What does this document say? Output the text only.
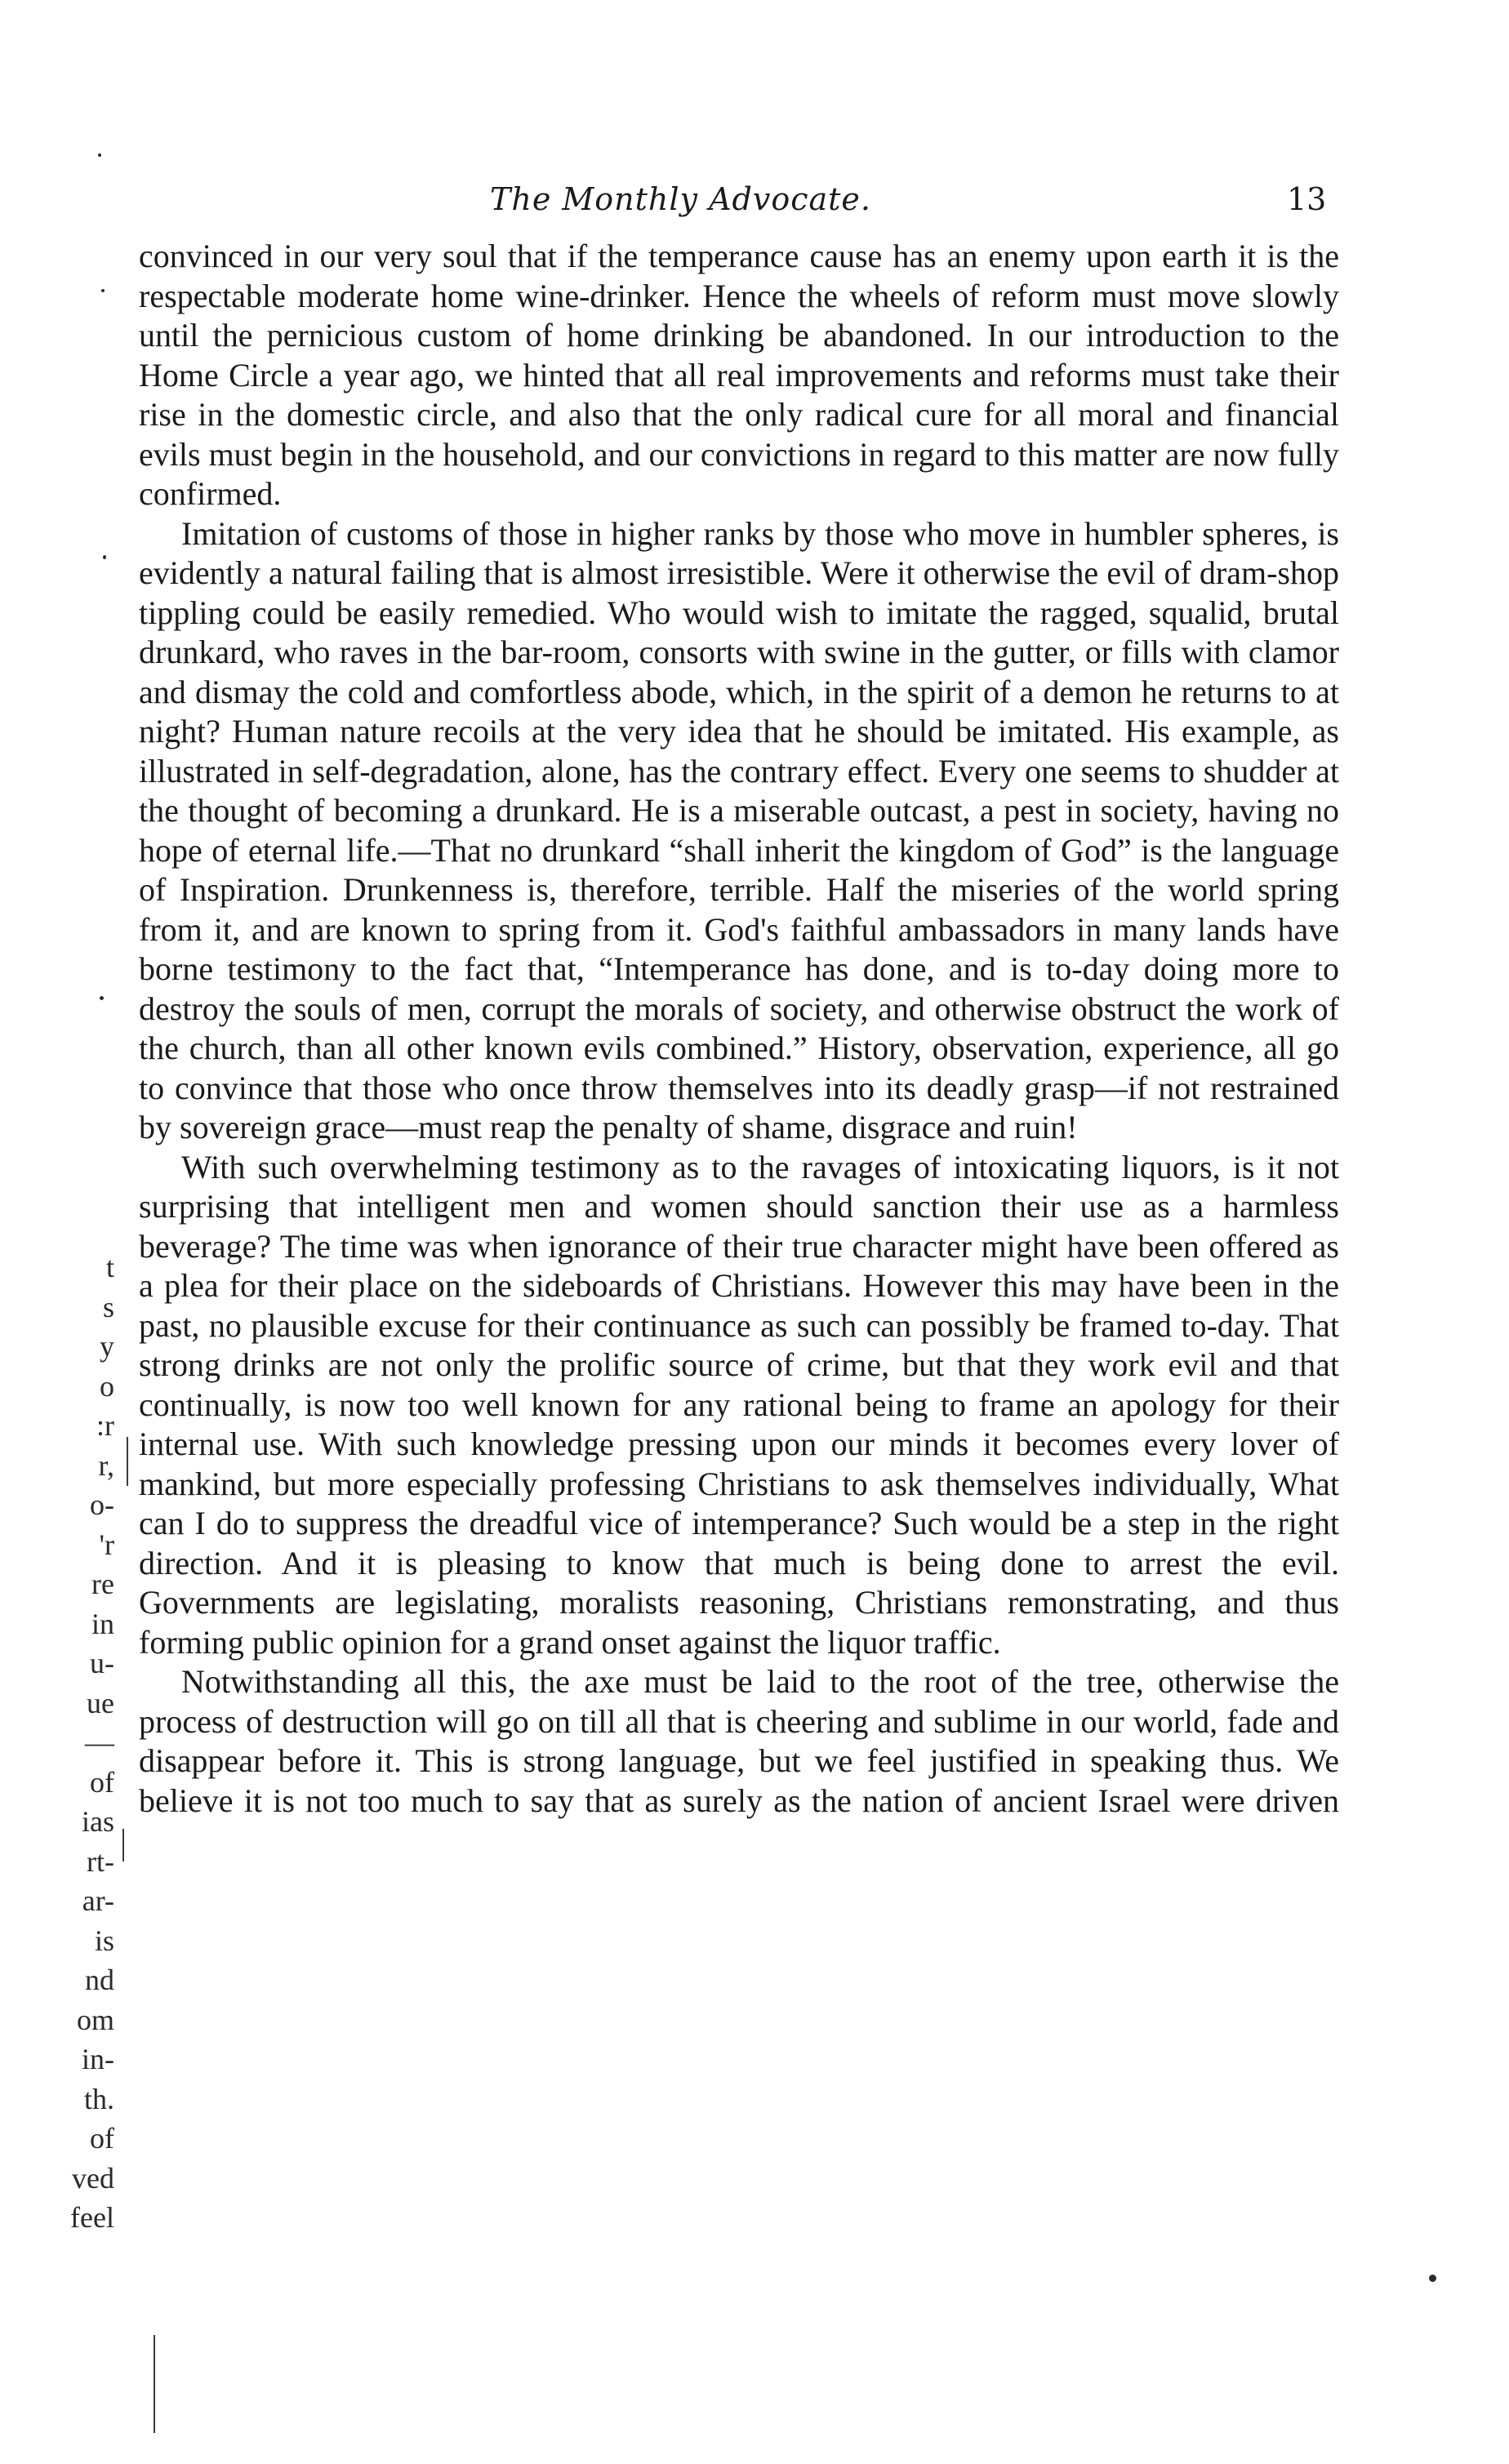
The Monthly Advocate.	13

convinced in our very soul that if the temperance cause has an enemy upon earth it is the respectable moderate home wine-drinker. Hence the wheels of reform must move slowly until the pernicious custom of home drinking be abandoned. In our introduction to the Home Circle a year ago, we hinted that all real improvements and reforms must take their rise in the domestic circle, and also that the only radical cure for all moral and financial evils must begin in the household, and our convictions in regard to this matter are now fully confirmed.

Imitation of customs of those in higher ranks by those who move in humbler spheres, is evidently a natural failing that is almost irresistible. Were it otherwise the evil of dram-shop tippling could be easily remedied. Who would wish to imitate the ragged, squalid, brutal drunkard, who raves in the bar-room, consorts with swine in the gutter, or fills with clamor and dismay the cold and comfortless abode, which, in the spirit of a demon he returns to at night? Human nature recoils at the very idea that he should be imitated. His example, as illustrated in self-degradation, alone, has the contrary effect. Every one seems to shudder at the thought of becoming a drunkard. He is a miserable outcast, a pest in society, having no hope of eternal life.—That no drunkard “shall inherit the kingdom of God” is the language of Inspiration. Drunkenness is, therefore, terrible. Half the miseries of the world spring from it, and are known to spring from it. God's faithful ambassadors in many lands have borne testimony to the fact that, “Intemperance has done, and is to-day doing more to destroy the souls of men, corrupt the morals of society, and otherwise obstruct the work of the church, than all other known evils combined.” History, observation, experience, all go to convince that those who once throw themselves into its deadly grasp—if not restrained by sovereign grace—must reap the penalty of shame, disgrace and ruin!

With such overwhelming testimony as to the ravages of intoxicating liquors, is it not surprising that intelligent men and women should sanction their use as a harmless beverage? The time was when ignorance of their true character might have been offered as a plea for their place on the sideboards of Christians. However this may have been in the past, no plausible excuse for their continuance as such can possibly be framed to-day. That strong drinks are not only the prolific source of crime, but that they work evil and that continually, is now too well known for any rational being to frame an apology for their internal use. With such knowledge pressing upon our minds it becomes every lover of mankind, but more especially professing Christians to ask themselves individually, What can I do to suppress the dreadful vice of intemperance? Such would be a step in the right direction. And it is pleasing to know that much is being done to arrest the evil. Governments are legislating, moralists reasoning, Christians remonstrating, and thus forming public opinion for a grand onset against the liquor traffic.

Notwithstanding all this, the axe must be laid to the root of the tree, otherwise the process of destruction will go on till all that is cheering and sublime in our world, fade and disappear before it. This is strong language, but we feel justified in speaking thus. We believe it is not too much to say that as surely as the nation of ancient Israel were driven

t
s
y
o
:r
r,
o-
'r
re
in
u-
ue
—
of
ias
rt-
ar-
is
nd
om
in-
th.
of
ved
feel
